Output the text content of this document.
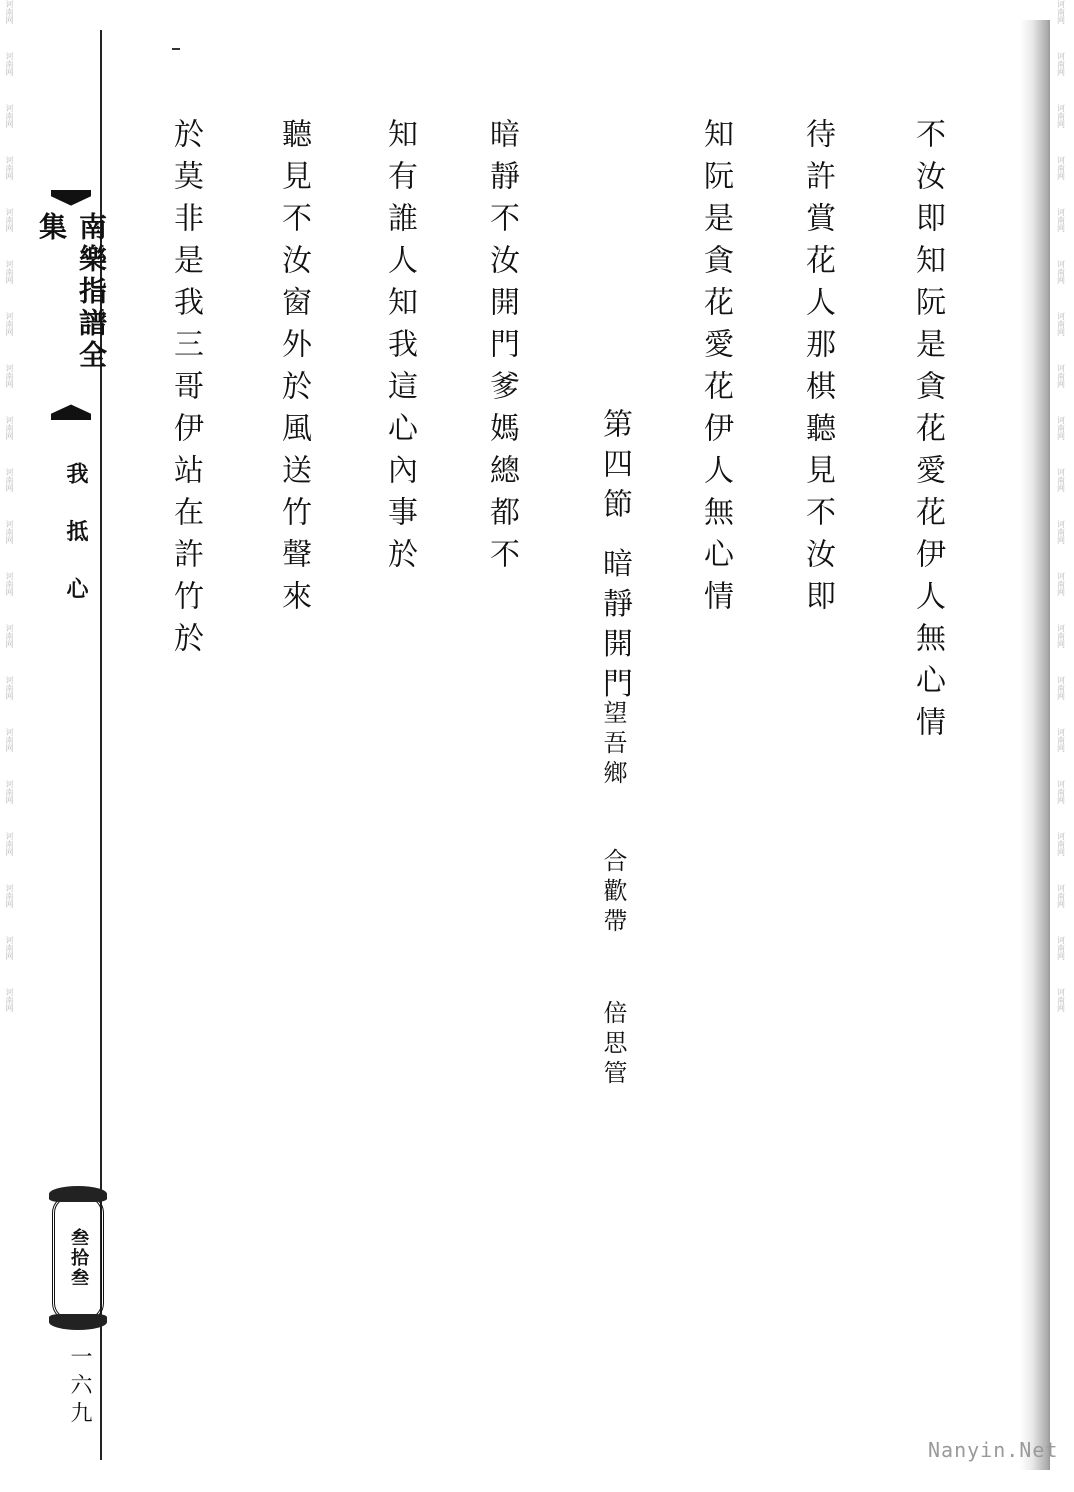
诃南网
诃南网
诃南网
诃南网
诃南网
诃南网
诃南网
诃南网
诃南网
诃南网
诃南网
诃南网
诃南网
诃南网
诃南网
诃南网
诃南网
诃南网
诃南网
诃南网
诃南网
诃南网
诃南网
诃南网
诃南网
诃南网
诃南网
诃南网
诃南网
诃南网
诃南网
诃南网
诃南网
诃南网
诃南网
诃南网
诃南网
诃南网
诃南网
诃南网
南樂指譜全集
我 抵 心
叁拾叁
一六九
不汝即知阮是貪花愛花伊人無心情
待許賞花人那棋聽見不汝即
知阮是貪花愛花伊人無心情
第四節 暗靜開門
望吾鄉
合歡帶
倍思管
暗靜不汝開門爹媽總都不
知有誰人知我這心內事於
聽見不汝窗外於風送竹聲來
於莫非是我三哥伊站在許竹於
Nanyin.Net
